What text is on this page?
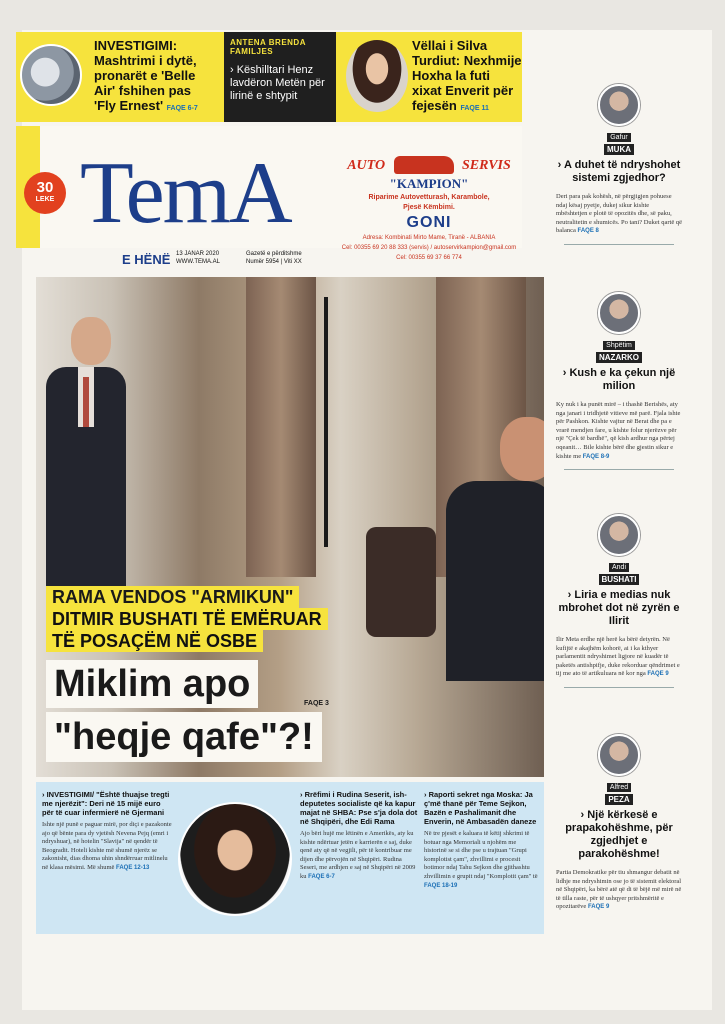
INVESTIGIMI:
Mashtrimi i dytë,
pronarët e 'Belle
Air' fshihen pas
'Fly Ernest' FAQE 6-7
ANTENA BRENDA FAMILJES
› Këshilltari Henz lavdëron Metën për lirinë e shtypit
Vëllai i Silva
Turdiut: Nexhmije
Hoxha la futi
xixat Enverit për
fejesën FAQE 11
30
LEKE TemA
E HËNË 13 JANAR 2020
WWW.TEMA.AL
Gazetë e përditshme
Numër 5954 | Viti XX
AUTO	SERVIS
"KAMPION"
Riparime Autovetturash, Karambole,
Pjesë Këmbimi.
GONI
Adresa: Kombinati Mirto Mame, Tiranë - ALBANIA
Cel: 00355 69 20 88 333 (servis) / autoservirkampion@gmail.com
Cel: 00355 69 37 66 774
RAMA VENDOS "ARMIKUN"
DITMIR BUSHATI TË EMËRUAR
TË POSAÇËM NË OSBE
Miklim apo	FAQE 3
"heqje qafe"?!
› INVESTIGIMI/ "Është thuajse tregti me njerëzit": Deri në 15 mijë euro për të cuar infermierë në Gjermani
Ishte një punë e paguar mirë, por diçi e pazakonte ajo që bënte para dy vjetësh Nevena Pejq (emri i ndryshuar), në hotelin "Slavija" në qendër të Beogradit. Hoteli kishte më shumë njerëz se zakonisht, dias dhoma uhin shndërruar mitlinelu në klasa mësimi. Më shumë FAQE 12-13
› Rrëfimi i Rudina Seserit, ish-deputetes socialiste që ka kapur majat në SHBA: Pse s'ja dola dot në Shqipëri, dhe Edi Rama
Ajo bëri hujë me lëtinën e Amerikës, aty ku kishte ndërtuar jetën e karrierën e saj, duke qenë aty që në vegjili, për të kontribuar me dijen dhe përvojën në Shqipëri. Rudina Seseri, me ardhjen e saj në Shqipëri në 2009 ku FAQE 6-7
› Raporti sekret nga Moska: Ja ç'më thanë për Teme Sejkon, Bazën e Pashalimanit dhe Enverin, në Ambasadën daneze
Në tre pjesët e kaluara të këtij shkrimi të botuar nga Memoriali u njohëm me historinë se si dhe pse u trajtuan "Grupi komplotist çam", zhvillimi e procesit botimor ndaj Tahu Sejkon dhe gjithashtu zhvillimin e grupit ndaj "Komplotit çam" të FAQE 18-19
Gafur
MUKA
› A duhet të ndryshohet sistemi zgjedhor?
Deri para pak kohësh, në përgjigjen pohuese ndaj kësaj pyetje, dukej sikur kishte mbështetjen e plotë të opozitës dhe, së paku, neutralitetin e shumicës. Po tani? Duket qartë që balanca FAQE 8
Shpëtim
NAZARKO
› Kush e ka çekun një milion
Ky nuk i ka punët mirë – i thashë Berishës, aty nga janari i tridhjetë vitieve më parë. Fjala ishte për Pashkon. Kishte vajtur në Berat dhe pa e vrarë mendjen fare, u kishte folur njerëzve për një "Çek të bardhë", që kish ardhur nga përtej oqeanit… Bile kishte bërë dhe gjestin sikur e kishte me FAQE 8-9
Andi
BUSHATI
› Liria e medias nuk mbrohet dot në zyrën e Ilirit
Ilir Meta erdhe një herë ka bërë detyrën. Në kufijtë e akajhëm kohorë, ai i ka kthyer parlamentit ndryshimet ligjore në kuadër të paketës antishpifje, duke rekorduar qëndrimet e tij me ato të artikuluara në kor nga FAQE 9
Alfred
PEZA
› Një kërkesë e prapakohëshme, për zgjedhjet e parakohëshme!
Partia Demokratike për tiu shmangur debatit në lidhje me ndryshimin ose jo të sistemit elektoral në Shqipëri, ka bërë atë që di të bëjë më mirë në të tilla raste, për të ushqyer pritshmëritë e opozitarëve FAQE 9
